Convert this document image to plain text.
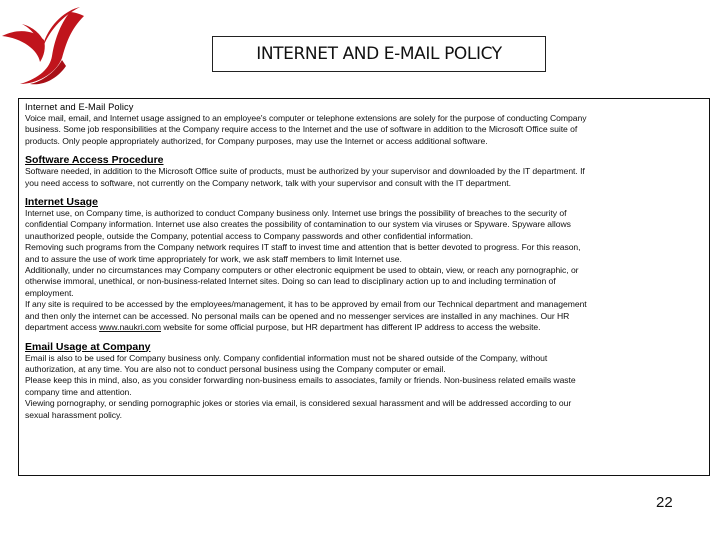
INTERNET AND E-MAIL POLICY

Internet and E-Mail Policy

Voice mail, email, and Internet usage assigned to an employee's computer or telephone extensions are solely for the purpose of conducting Company

business. Some job responsibilities at the Company require access to the Internet and the use of software in addition to the Microsoft Office suite of

products. Only people appropriately authorized, for Company purposes, may use the Internet or access additional software.

Software Access Procedure

Software needed, in addition to the Microsoft Office suite of products, must be authorized by your supervisor and downloaded by the IT department. If

you need access to software, not currently on the Company network, talk with your supervisor and consult with the IT department.

Internet Usage

Internet use, on Company time, is authorized to conduct Company business only. Internet use brings the possibility of breaches to the security of

confidential Company information. Internet use also creates the possibility of contamination to our system via viruses or Spyware. Spyware allows

unauthorized people, outside the Company, potential access to Company passwords and other confidential information.

Removing such programs from the Company network requires IT staff to invest time and attention that is better devoted to progress. For this reason,

and to assure the use of work time appropriately for work, we ask staff members to limit Internet use.

Additionally, under no circumstances may Company computers or other electronic equipment be used to obtain, view, or reach any pornographic, or

otherwise immoral, unethical, or non-business-related Internet sites. Doing so can lead to disciplinary action up to and including termination of

employment.

If any site is required to be accessed by the employees/management, it has to be approved by email from our Technical department and management

and then only the internet can be accessed. No personal mails can be opened and no messenger services are installed in any machines. Our HR

department access www.naukri.com website for some official purpose, but HR department has different IP address to access the website.

Email Usage at Company

Email is also to be used for Company business only. Company confidential information must not be shared outside of the Company, without

authorization, at any time. You are also not to conduct personal business using the Company computer or email.

Please keep this in mind, also, as you consider forwarding non-business emails to associates, family or friends. Non-business related emails waste

company time and attention.

Viewing pornography, or sending pornographic jokes or stories via email, is considered sexual harassment and will be addressed according to our

sexual harassment policy.

22
